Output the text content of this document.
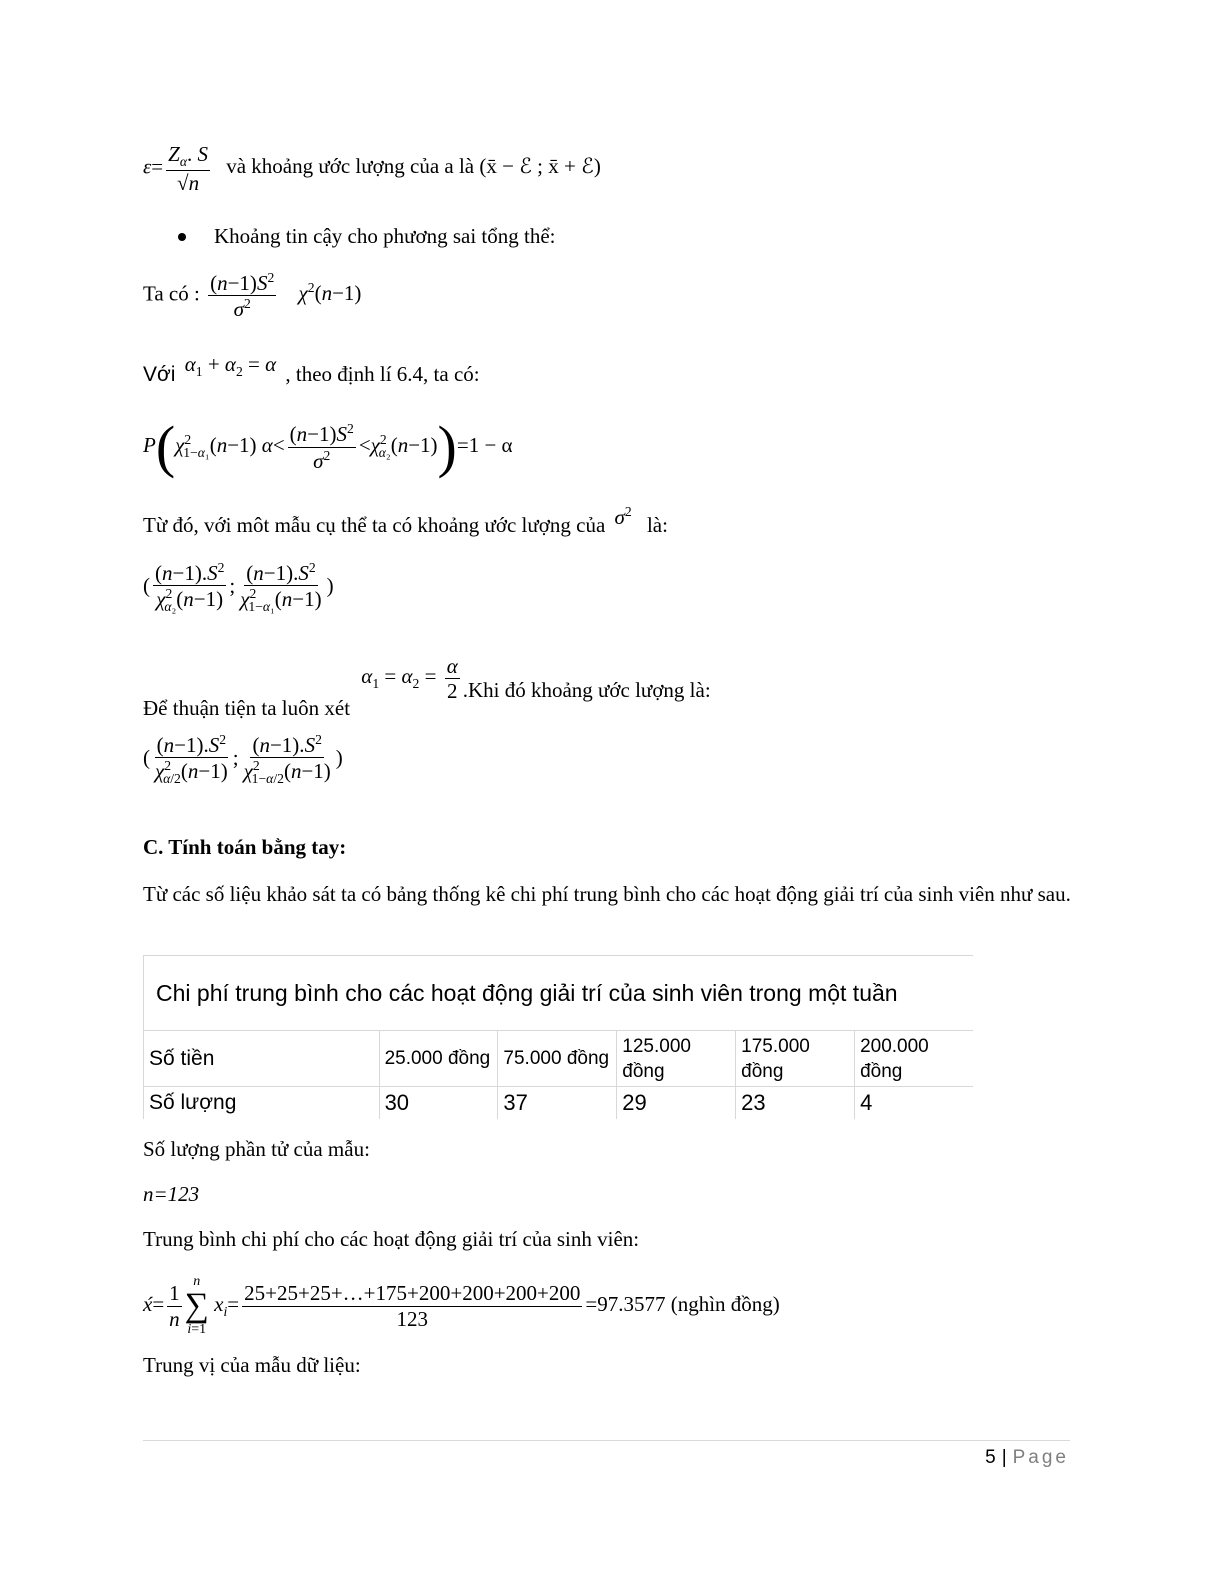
$\varepsilon= \frac{Z_\alpha. S}{√n}$ và khoảng ước lượng của a là (x̄ − ℰ ; x̄ + ℰ)
Khoảng tin cậy cho phương sai tổng thể:
Ta có : $\frac{(n-1)S^2}{\sigma^2} \chi^2(n-1)$
Với $\alpha_1 + \alpha_2 = \alpha$ , theo định lí 6.4, ta có:
$P(\chi^2_{1-\alpha_1}(n-1)$ $\alpha< \frac{(n-1)S^2}{\sigma^2} <\chi^2_{\alpha_2}(n-1))=1 - \alpha$
Từ đó, với môt mẫu cụ thể ta có khoảng ước lượng của $\sigma^2$ là:
( $\frac{(n-1).S^2}{\chi^2_{\alpha_2}(n-1)}$ ; $\frac{(n-1).S^2}{\chi^2_{1-\alpha_1}(n-1)}$ )
Để thuận tiện ta luôn xét $\alpha_1 = \alpha_2 = \frac{\alpha}{2} .Khi$ đó khoảng ước lượng là:
( $\frac{(n-1).S^2}{\chi^2_{\alpha/2}(n-1)}$ ; $\frac{(n-1).S^2}{\chi^2_{1-\alpha/2}(n-1)}$ )
C. Tính toán bằng tay:
Từ các số liệu khảo sát ta có bảng thống kê chi phí trung bình cho các hoạt động giải trí của sinh viên như sau.
Chi phí trung bình cho các hoạt động giải trí của sinh viên trong một tuần					
Số tiền	25.000 đồng	75.000 đồng	125.000 đồng	175.000 đồng	200.000 đồng
Số lượng	30	37	29	23	4
Số lượng phần tử của mẫu:
n=123
Trung bình chi phí cho các hoạt động giải trí của sinh viên:
x́= $\frac{1}{n}$ n
∑
i=1
$x_i= \frac{25+25+25+\dots+175+200+200+200+200}{123} =97.3577$ (nghìn đồng)
Trung vị của mẫu dữ liệu:
5 | Page
